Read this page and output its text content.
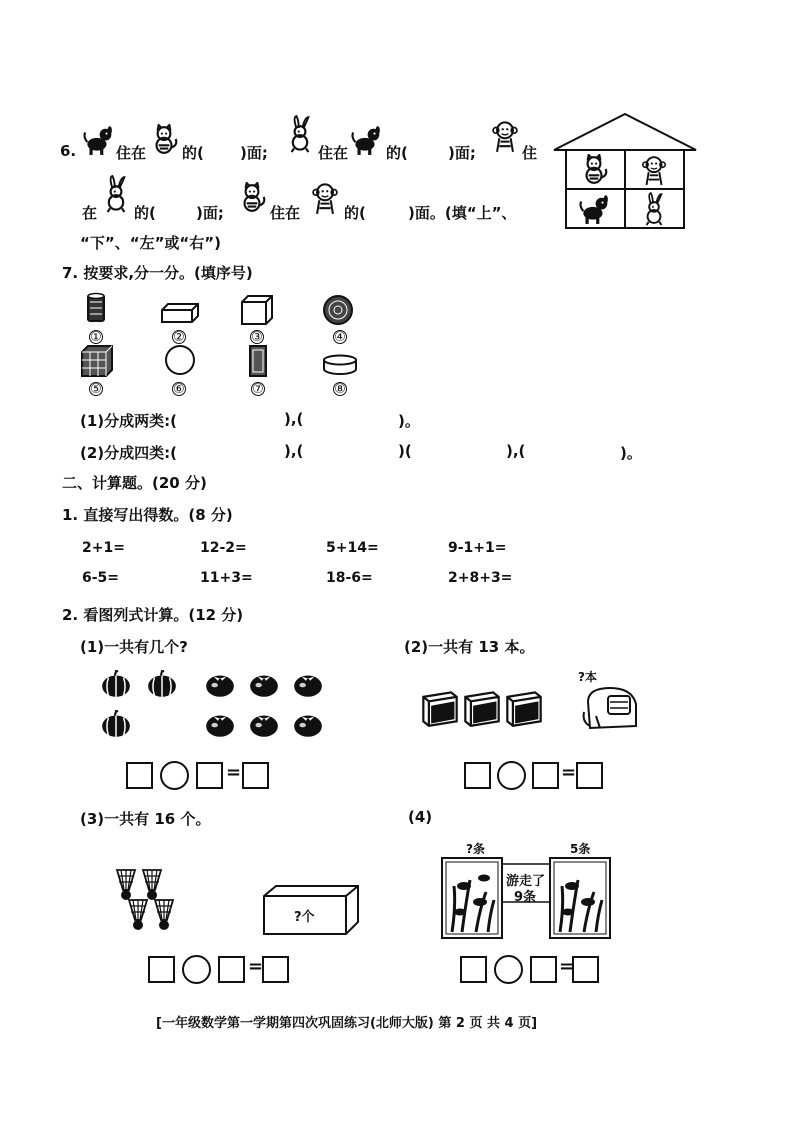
6.	住在 的( )面;	住在	的(	)面;	住
在 的(	)面;	住在	的(	)面。(填“上”、
“下”、“左”或“右”)
7. 按要求,分一分。(填序号)
①	②	③	④
⑤	⑥	⑦	⑧
(1)分成两类:(	),(	)。
(2)分成四类:(	),(	)(	),(	)。
二、计算题。(20 分)
1. 直接写出得数。(8 分)
2+1=	12-2=	5+14=	9-1+1=
6-5=	11+3=	18-6=	2+8+3=
2. 看图列式计算。(12 分)
(1)一共有几个?
=
(2)一共有 13 本。
?本
=
(3)一共有 16 个。
?个
=
(4)
?条	5条
游走了
9条
=
[一年级数学第一学期第四次巩固练习(北师大版) 第 2 页 共 4 页]
